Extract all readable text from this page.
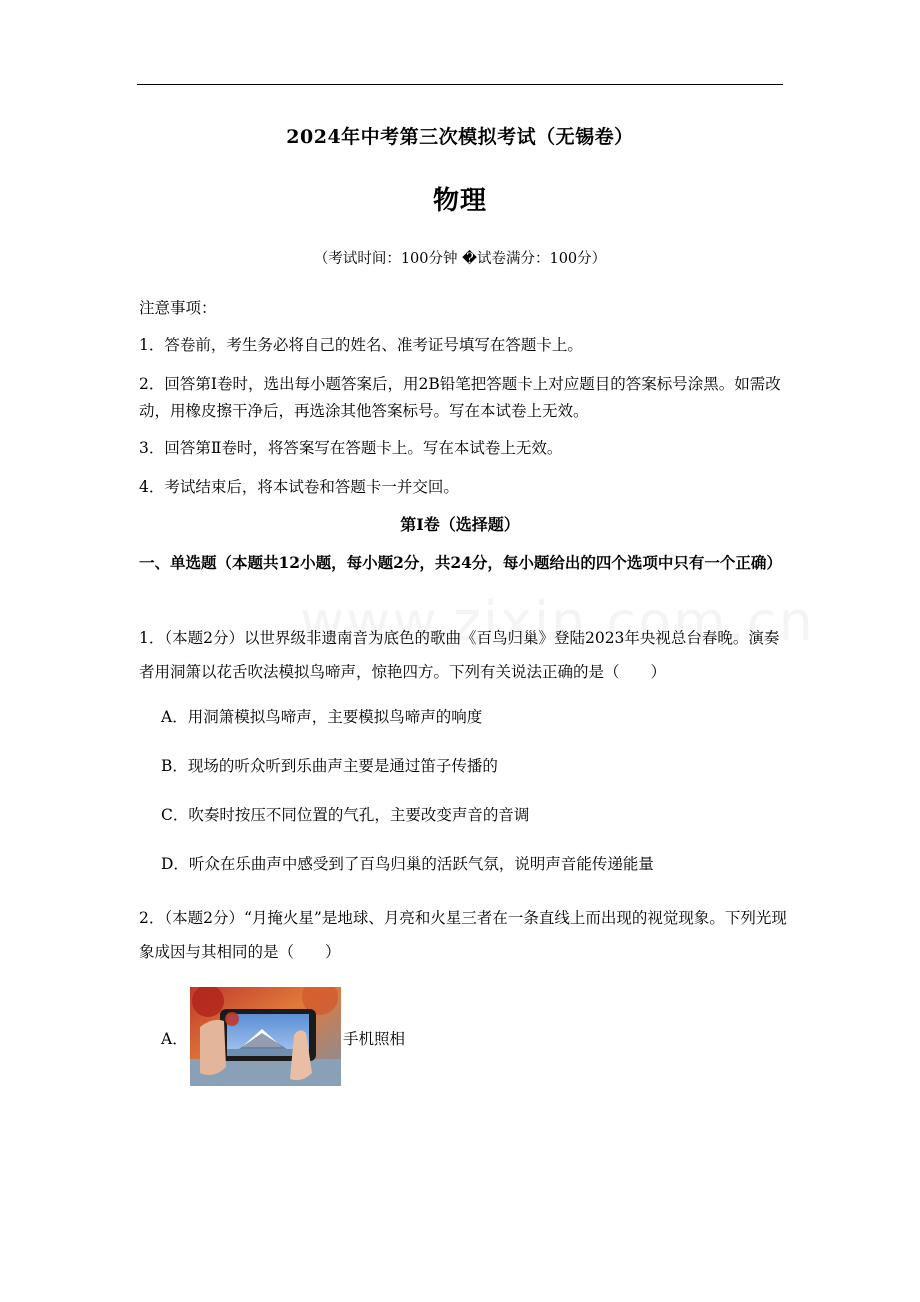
2024年中考第三次模拟考试（无锡卷）
物理
（考试时间：100分钟 �试卷满分：100分）
注意事项：
1．答卷前，考生务必将自己的姓名、准考证号填写在答题卡上。
2．回答第Ⅰ卷时，选出每小题答案后，用2B铅笔把答题卡上对应题目的答案标号涂黑。如需改动，用橡皮擦干净后，再选涂其他答案标号。写在本试卷上无效。
3．回答第Ⅱ卷时，将答案写在答题卡上。写在本试卷上无效。
4．考试结束后，将本试卷和答题卡一并交回。
第Ⅰ卷（选择题）
一、单选题（本题共12小题，每小题2分，共24分，每小题给出的四个选项中只有一个正确）
1．（本题2分）以世界级非遗南音为底色的歌曲《百鸟归巢》登陆2023年央视总台春晚。演奏者用洞箫以花舌吹法模拟鸟啼声，惊艳四方。下列有关说法正确的是（　　）
A．用洞箫模拟鸟啼声，主要模拟鸟啼声的响度
B．现场的听众听到乐曲声主要是通过笛子传播的
C．吹奏时按压不同位置的气孔，主要改变声音的音调
D．听众在乐曲声中感受到了百鸟归巢的活跃气氛，说明声音能传递能量
2．（本题2分）“月掩火星”是地球、月亮和火星三者在一条直线上而出现的视觉现象。下列光现象成因与其相同的是（　　）
A．	手机照相
